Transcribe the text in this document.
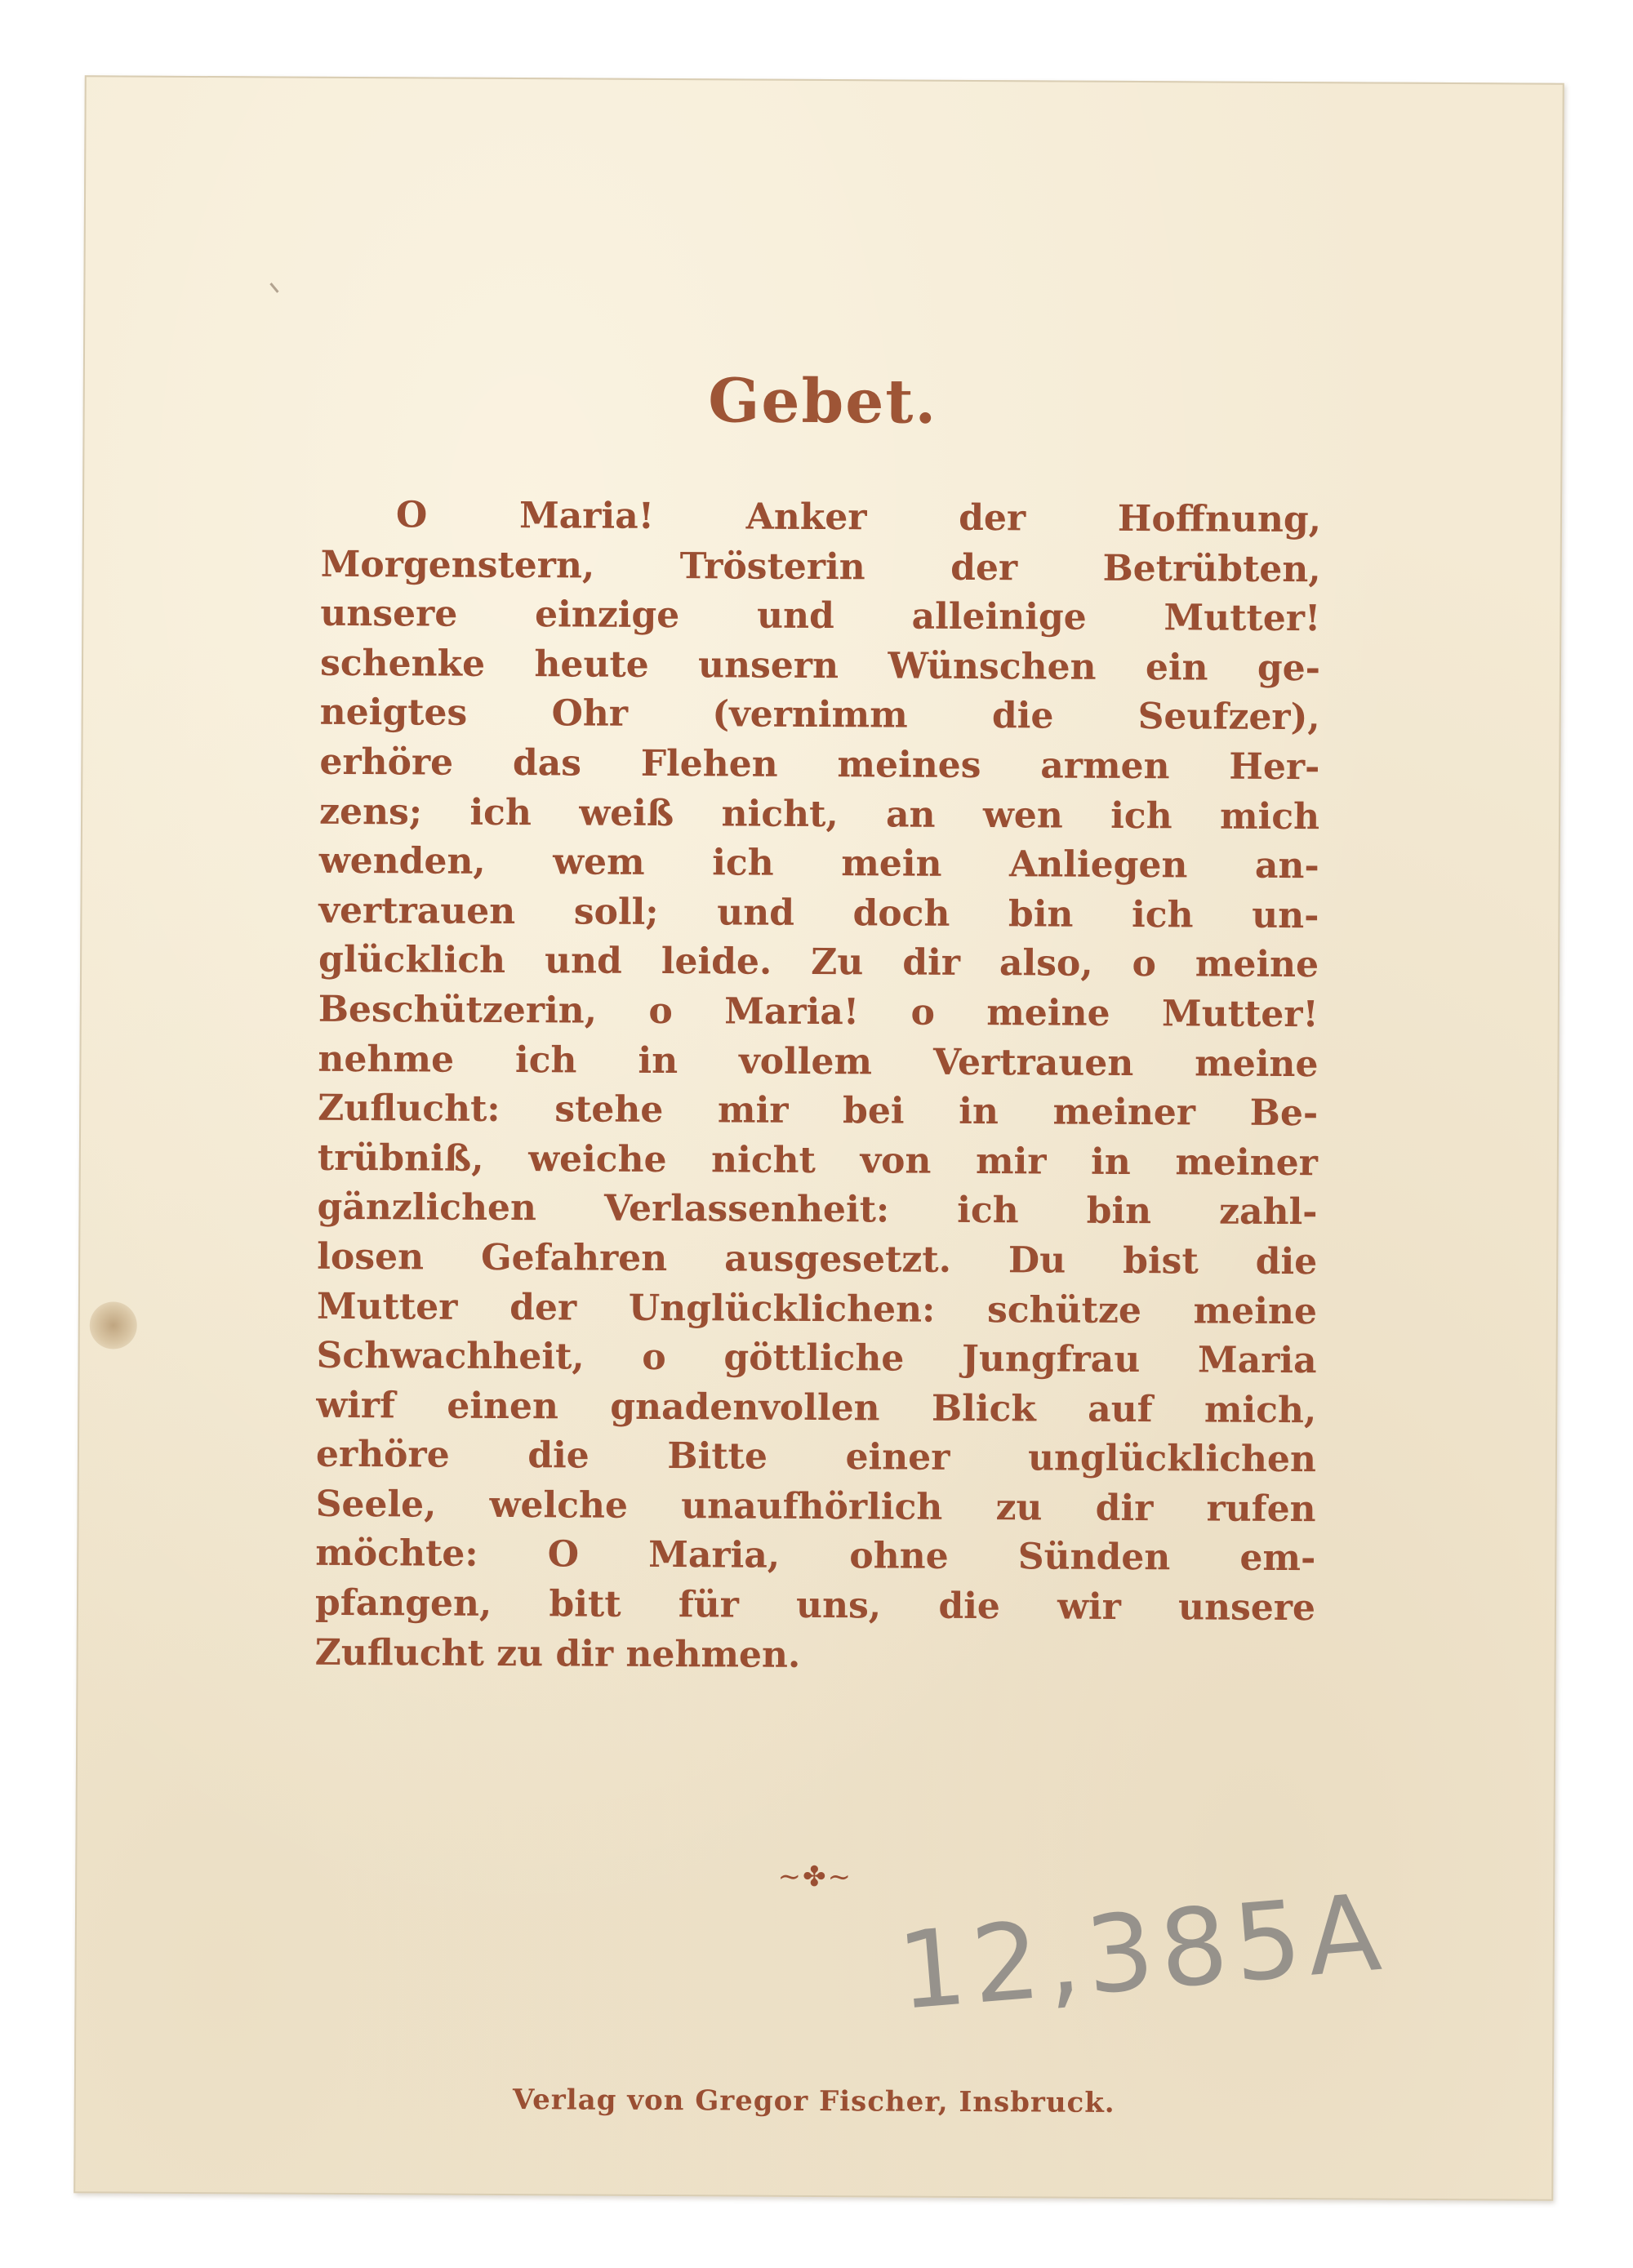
Gebet.
O Maria! Anker der Hoffnung,
Morgenstern, Trösterin der Betrübten,
unsere einzige und alleinige Mutter!
schenke heute unsern Wünschen ein ge-
neigtes Ohr (vernimm die Seufzer),
erhöre das Flehen meines armen Her-
zens; ich weiß nicht, an wen ich mich
wenden, wem ich mein Anliegen an-
vertrauen soll; und doch bin ich un-
glücklich und leide. Zu dir also, o meine
Beschützerin, o Maria! o meine Mutter!
nehme ich in vollem Vertrauen meine
Zuflucht: stehe mir bei in meiner Be-
trübniß, weiche nicht von mir in meiner
gänzlichen Verlassenheit: ich bin zahl-
losen Gefahren ausgesetzt. Du bist die
Mutter der Unglücklichen: schütze meine
Schwachheit, o göttliche Jungfrau Maria
wirf einen gnadenvollen Blick auf mich,
erhöre die Bitte einer unglücklichen
Seele, welche unaufhörlich zu dir rufen
möchte: O Maria, ohne Sünden em-
pfangen, bitt für uns, die wir unsere
Zuflucht zu dir nehmen.
~✤~ 12,385A
Verlag von Gregor Fischer, Insbruck.
